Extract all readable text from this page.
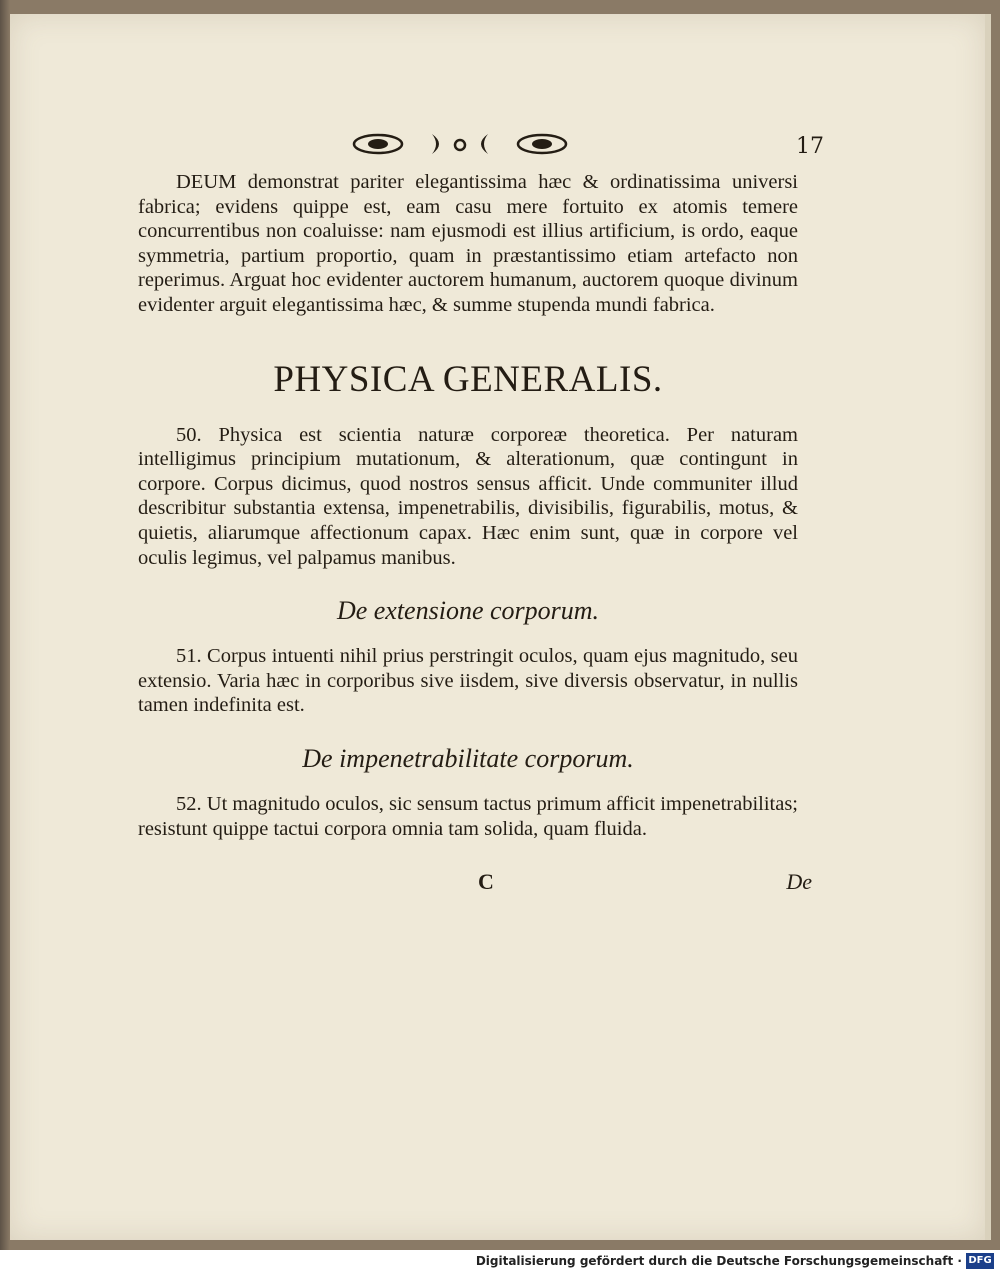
17

DEUM demonstrat pariter elegantissima hæc & ordinatissima universi fabrica; evidens quippe est, eam casu mere fortuito ex atomis temere concurrentibus non coaluisse: nam ejusmodi est illius artificium, is ordo, eaque symmetria, partium proportio, quam in præstantissimo etiam artefacto non reperimus. Arguat hoc evidenter auctorem humanum, auctorem quoque divinum evidenter arguit elegantissima hæc, & summe stupenda mundi fabrica.

PHYSICA GENERALIS.

50. Physica est scientia naturæ corporeæ theoretica. Per naturam intelligimus principium mutationum, & alterationum, quæ contingunt in corpore. Corpus dicimus, quod nostros sensus afficit. Unde communiter illud describitur substantia extensa, impenetrabilis, divisibilis, figurabilis, motus, & quietis, aliarumque affectionum capax. Hæc enim sunt, quæ in corpore vel oculis legimus, vel palpamus manibus.

De extensione corporum.

51. Corpus intuenti nihil prius perstringit oculos, quam ejus magnitudo, seu extensio. Varia hæc in corporibus sive iisdem, sive diversis observatur, in nullis tamen indefinita est.

De impenetrabilitate corporum.

52. Ut magnitudo oculos, sic sensum tactus primum afficit impenetrabilitas; resistunt quippe tactui corpora omnia tam solida, quam fluida.

C	De
Digitalisierung gefördert durch die Deutsche Forschungsgemeinschaft · DFG
